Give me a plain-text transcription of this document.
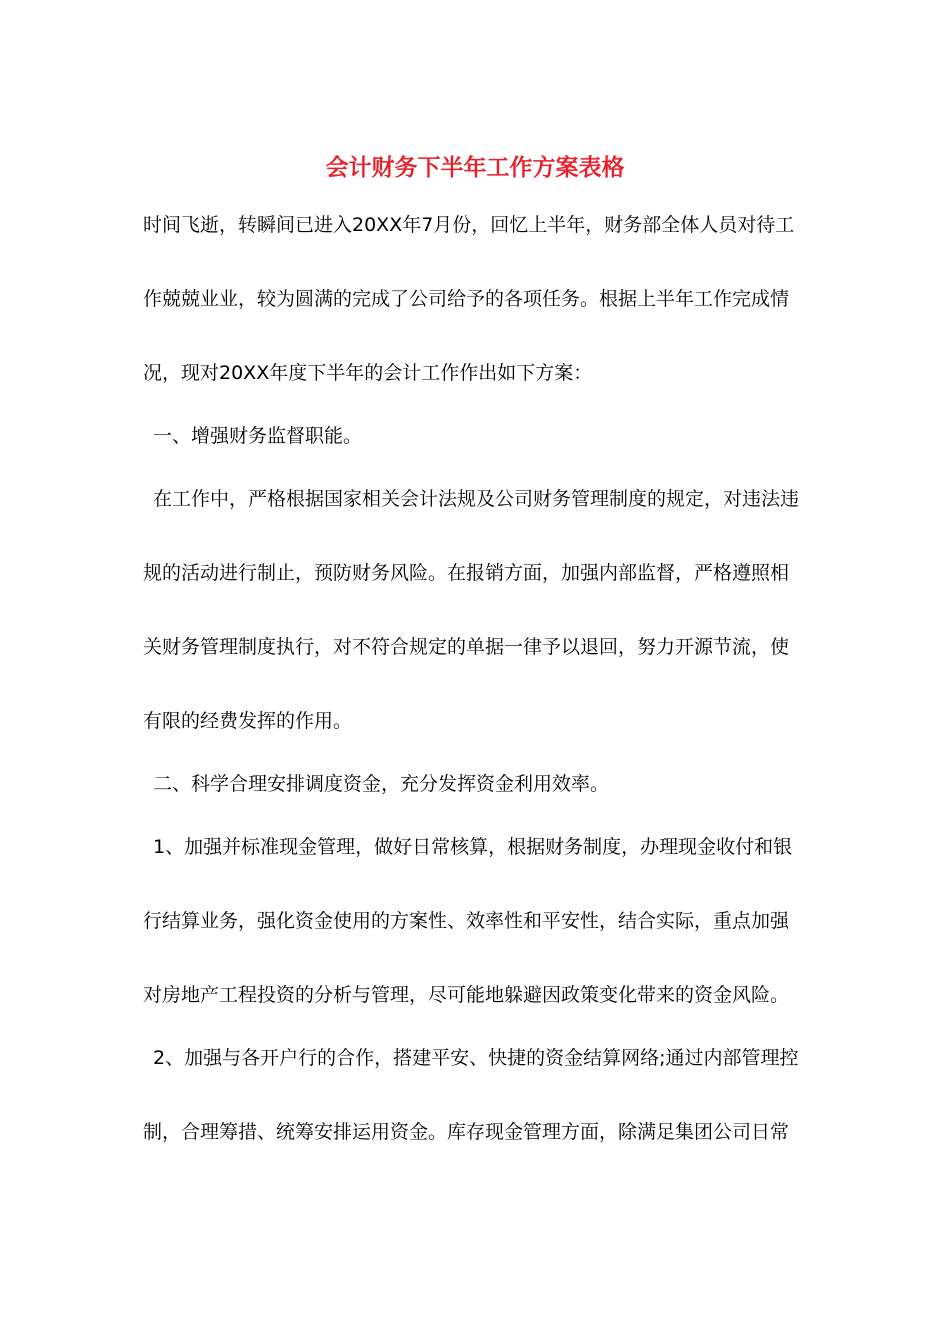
会计财务下半年工作方案表格
时间飞逝，转瞬间已进入20XX年7月份，回忆上半年，财务部全体人员对待工
作兢兢业业，较为圆满的完成了公司给予的各项任务。根据上半年工作完成情
况，现对20XX年度下半年的会计工作作出如下方案：
一、增强财务监督职能。
在工作中，严格根据国家相关会计法规及公司财务管理制度的规定，对违法违
规的活动进行制止，预防财务风险。在报销方面，加强内部监督，严格遵照相
关财务管理制度执行，对不符合规定的单据一律予以退回，努力开源节流，使
有限的经费发挥的作用。
二、科学合理安排调度资金，充分发挥资金利用效率。
1、加强并标准现金管理，做好日常核算，根据财务制度，办理现金收付和银
行结算业务，强化资金使用的方案性、效率性和平安性，结合实际，重点加强
对房地产工程投资的分析与管理，尽可能地躲避因政策变化带来的资金风险。
2、加强与各开户行的合作，搭建平安、快捷的资金结算网络;通过内部管理控
制，合理筹措、统筹安排运用资金。库存现金管理方面，除满足集团公司日常
